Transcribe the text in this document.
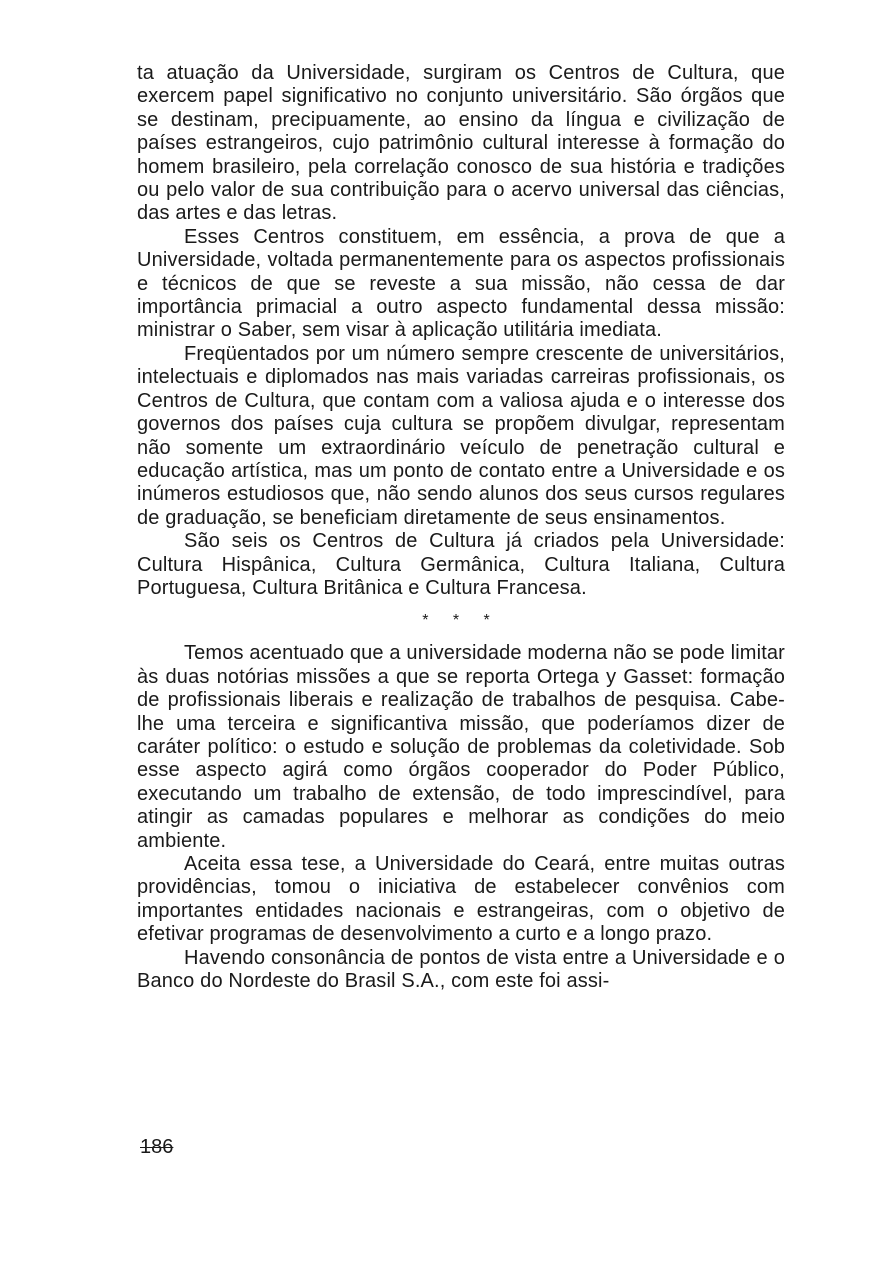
ta atuação da Universidade, surgiram os Centros de Cultura, que exercem papel significativo no conjunto universitário. São órgãos que se destinam, precipuamente, ao ensino da língua e civilização de países estrangeiros, cujo patrimônio cultural interesse à formação do homem brasileiro, pela correlação conosco de sua história e tradições ou pelo valor de sua contribuição para o acervo universal das ciências, das artes e das letras.

Esses Centros constituem, em essência, a prova de que a Universidade, voltada permanentemente para os aspectos profissionais e técnicos de que se reveste a sua missão, não cessa de dar importância primacial a outro aspecto fundamental dessa missão: ministrar o Saber, sem visar à aplicação utilitária imediata.

Freqüentados por um número sempre crescente de universitários, intelectuais e diplomados nas mais variadas carreiras profissionais, os Centros de Cultura, que contam com a valiosa ajuda e o interesse dos governos dos países cuja cultura se propõem divulgar, representam não somente um extraordinário veículo de penetração cultural e educação artística, mas um ponto de contato entre a Universidade e os inúmeros estudiosos que, não sendo alunos dos seus cursos regulares de graduação, se beneficiam diretamente de seus ensinamentos.

São seis os Centros de Cultura já criados pela Universidade: Cultura Hispânica, Cultura Germânica, Cultura Italiana, Cultura Portuguesa, Cultura Britânica e Cultura Francesa.

* * *

Temos acentuado que a universidade moderna não se pode limitar às duas notórias missões a que se reporta Ortega y Gasset: formação de profissionais liberais e realização de trabalhos de pesquisa. Cabe-lhe uma terceira e significantiva missão, que poderíamos dizer de caráter político: o estudo e solução de problemas da coletividade. Sob esse aspecto agirá como órgãos cooperador do Poder Público, executando um trabalho de extensão, de todo imprescindível, para atingir as camadas populares e melhorar as condições do meio ambiente.

Aceita essa tese, a Universidade do Ceará, entre muitas outras providências, tomou o iniciativa de estabelecer convênios com importantes entidades nacionais e estrangeiras, com o objetivo de efetivar programas de desenvolvimento a curto e a longo prazo.

Havendo consonância de pontos de vista entre a Universidade e o Banco do Nordeste do Brasil S.A., com este foi assi-

186
